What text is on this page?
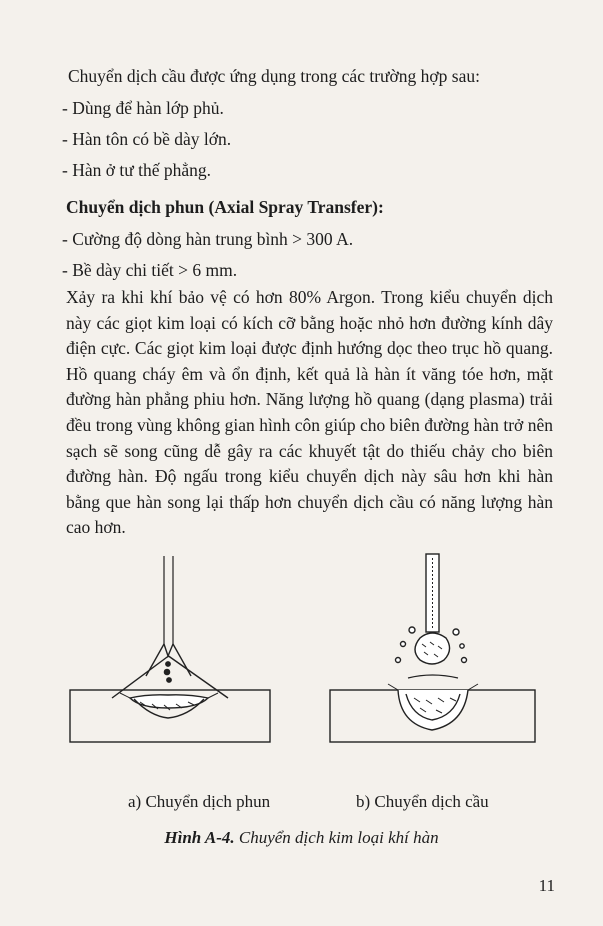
Chuyển dịch cầu được ứng dụng trong các trường hợp sau:
- Dùng để hàn lớp phủ.
- Hàn tôn có bề dày lớn.
- Hàn ở tư thế phẳng.
Chuyển dịch phun (Axial Spray Transfer):
- Cường độ dòng hàn trung bình > 300 A.
- Bề dày chi tiết > 6 mm.
Xảy ra khi khí bảo vệ có hơn 80% Argon. Trong kiểu chuyển dịch
này các giọt kim loại có kích cỡ bằng hoặc nhỏ hơn đường kính dây
điện cực. Các giọt kim loại được định hướng dọc theo trục hồ quang.
Hồ quang cháy êm và ổn định, kết quả là hàn ít văng tóe hơn, mặt
đường hàn phẳng phiu hơn. Năng lượng hồ quang (dạng plasma) trải
đều trong vùng không gian hình côn giúp cho biên đường hàn trở nên
sạch sẽ song cũng dễ gây ra các khuyết tật do thiếu chảy cho biên
đường hàn. Độ ngấu trong kiểu chuyển dịch này sâu hơn khi hàn
bằng que hàn song lại thấp hơn chuyển dịch cầu có năng lượng hàn
cao hơn.
a) Chuyển dịch phun	b) Chuyển dịch cầu
Hình A-4. Chuyển dịch kim loại khí hàn
11
